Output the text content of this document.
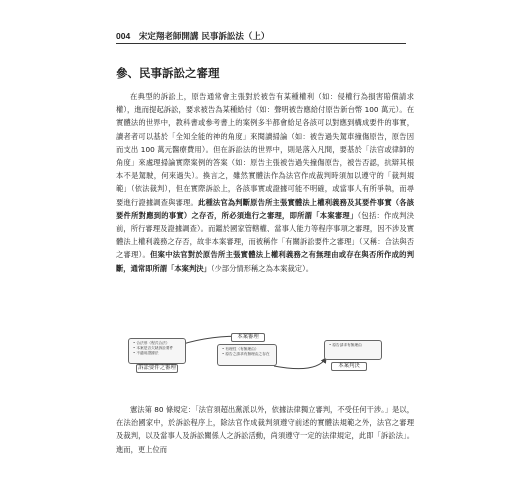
004 宋定翔老師開講 民事訴訟法（上）
參、民事訴訟之審理

在典型的訴訟上，原告通常會主張對於被告有某種權利（如：侵權行為損害賠償請求權），進而提起訴訟，要求被告為某種給付（如：聲明被告應給付原告新台幣 100 萬元）。在實體法的世界中，教科書或參考書上的案例多半都會給足各該可以對應到構成要件的事實，讀者者可以基於「全知全能的神的角度」來閱讀掃論（如：被告過失駕車撞傷原告，原告因而支出 100 萬元醫療費用）。但在訴訟法的世界中，則是落入凡間，要基於「法官或律師的角度」來處理掃論實際案例的答案（如：原告主張被告過失撞傷原告，被告否認，抗辯其根本不是駕駛，何來過失）。換言之，雖然實體法作為法官作成裁判時須加以遵守的「裁判規範」（依法裁判），但在實際訴訟上，各該事實或證據可能不明確，或當事人有所爭執，而尋要進行證據調查與審理。此種法官為判斷原告所主張實體法上權利義務及其要件事實（各該要件所對應到的事實）之存否，所必須進行之審理，即所謂「本案審理」（包括：作成判決前，所行審理及證據調查）。而鑑於國家管轄權、當事人能力等程序事項之審理，因不涉及實體法上權利義務之存否，故非本案審理，而被稱作「有關訴訟要件之審理」（又稱：合法與否之審理）。但案中法官對於原告所主張實體法上權利義務之有無理由或存在與否所作成的判斷，通常即所謂「本案判決」（少部分情形稱之為本案裁定）。

• 合法形（程式合法）
• 本案是否欠缺訴訟要件
• 不適用證據法
訴訟要件之審理
本案審理
• 有理性（有無理由）
• 原告之請求有無理由之存在
• 原告請求有無理由
本案判決

憲法第 80 條規定：「法官須超出黨派以外，依據法律獨立審判，不受任何干涉。」是以，在法治國家中，於訴訟程序上，除法官作成裁判須遵守前述的實體法規範之外，法官之審理及裁判，以及當事人及訴訟關係人之訴訟活動，尚須遵守一定的法律規定，此即「訴訟法」。進而，更上位而
